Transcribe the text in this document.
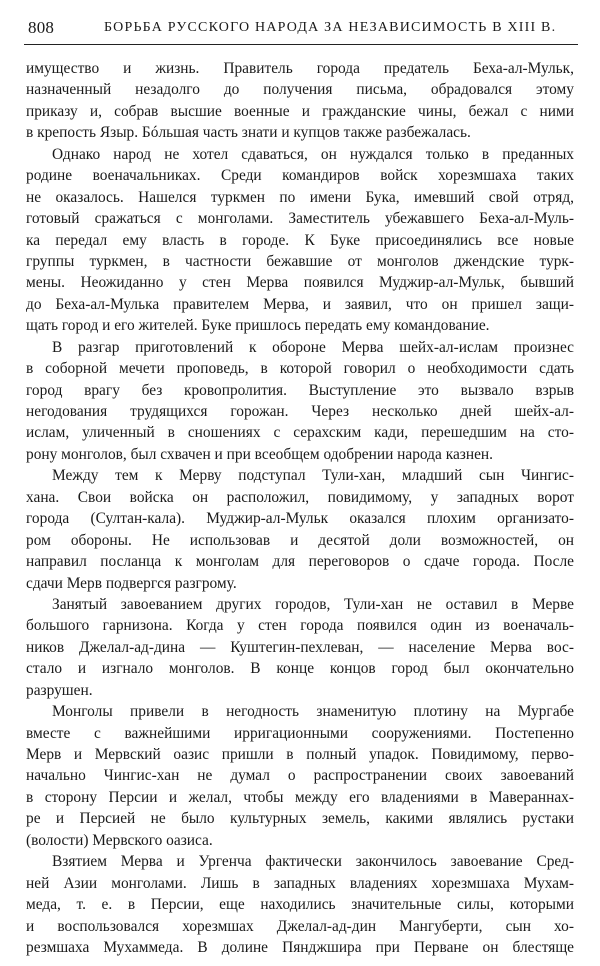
808	БОРЬБА РУССКОГО НАРОДА ЗА НЕЗАВИСИМОСТЬ В XIII В.
имущество и жизнь. Правитель города предатель Беха-ал-Мульк,
назначенный незадолго до получения письма, обрадовался этому
приказу и, собрав высшие военные и гражданские чины, бежал с ними
в крепость Языр. Бóльшая часть знати и купцов также разбежалась.
Однако народ не хотел сдаваться, он нуждался только в преданных
родине военачальниках. Среди командиров войск хорезмшаха таких
не оказалось. Нашелся туркмен по имени Бука, имевший свой отряд,
готовый сражаться с монголами. Заместитель убежавшего Беха-ал-Муль-
ка передал ему власть в городе. К Буке присоединялись все новые
группы туркмен, в частности бежавшие от монголов джендские турк-
мены. Неожиданно у стен Мерва появился Муджир-ал-Мульк, бывший
до Беха-ал-Мулька правителем Мерва, и заявил, что он пришел защи-
щать город и его жителей. Буке пришлось передать ему командование.
В разгар приготовлений к обороне Мерва шейх-ал-ислам произнес
в соборной мечети проповедь, в которой говорил о необходимости сдать
город врагу без кровопролития. Выступление это вызвало взрыв
негодования трудящихся горожан. Через несколько дней шейх-ал-
ислам, уличенный в сношениях с серахским кади, перешедшим на сто-
рону монголов, был схвачен и при всеобщем одобрении народа казнен.
Между тем к Мерву подступал Тули-хан, младший сын Чингис-
хана. Свои войска он расположил, повидимому, у западных ворот
города (Султан-кала). Муджир-ал-Мульк оказался плохим организато-
ром обороны. Не использовав и десятой доли возможностей, он
направил посланца к монголам для переговоров о сдаче города. После
сдачи Мерв подвергся разгрому.
Занятый завоеванием других городов, Тули-хан не оставил в Мерве
большого гарнизона. Когда у стен города появился один из военачаль-
ников Джелал-ад-дина — Куштегин-пехлеван, — население Мерва вос-
стало и изгнало монголов. В конце концов город был окончательно
разрушен.
Монголы привели в негодность знаменитую плотину на Мургабе
вместе с важнейшими ирригационными сооружениями. Постепенно
Мерв и Мервский оазис пришли в полный упадок. Повидимому, перво-
начально Чингис-хан не думал о распространении своих завоеваний
в сторону Персии и желал, чтобы между его владениями в Мавераннах-
ре и Персией не было культурных земель, какими являлись рустаки
(волости) Мервского оазиса.
Взятием Мерва и Ургенча фактически закончилось завоевание Сред-
ней Азии монголами. Лишь в западных владениях хорезмшаха Мухам-
меда, т. е. в Персии, еще находились значительные силы, которыми
и воспользовался хорезмшах Джелал-ад-дин Мангуберти, сын хо-
резмшаха Мухаммеда. В долине Пянджшира при Перване он блестяще
